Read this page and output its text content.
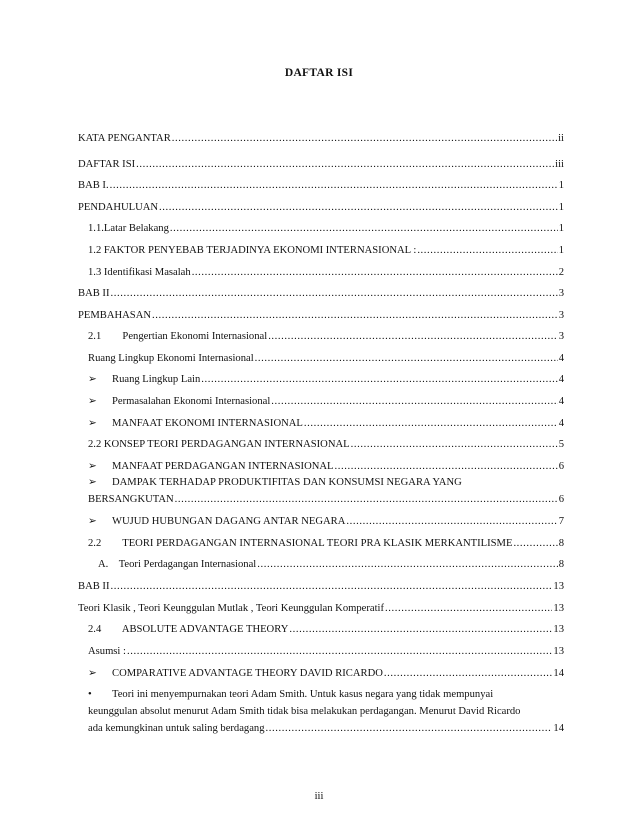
DAFTAR ISI
KATA PENGANTAR .....	ii
DAFTAR ISI .....	iii
BAB I. .....	1
PENDAHULUAN .....	1
1.1.Latar Belakang .....	1
1.2 FAKTOR PENYEBAB TERJADINYA EKONOMI INTERNASIONAL : .....	1
1.3 Identifikasi Masalah .....	2
BAB II .....	3
PEMBAHASAN .....	3
2.1        Pengertian Ekonomi Internasional .....	3
Ruang Lingkup Ekonomi Internasional .....	4
➢ Ruang Lingkup Lain .....	4
➢ Permasalahan Ekonomi Internasional .....	4
➢ MANFAAT EKONOMI INTERNASIONAL .....	4
2.2 KONSEP TEORI PERDAGANGAN INTERNASIONAL .....	5
➢ MANFAAT PERDAGANGAN INTERNASIONAL .....	6
➢ DAMPAK TERHADAP PRODUKTIFITAS DAN KONSUMSI NEGARA YANG
BERSANGKUTAN .....	6
➢ WUJUD HUBUNGAN DAGANG ANTAR NEGARA .....	7
2.2        TEORI PERDAGANGAN INTERNASIONAL TEORI PRA KLASIK MERKANTILISME .....	8
A.    Teori Perdagangan Internasional .....	8
BAB II .....	13
Teori Klasik , Teori Keunggulan Mutlak , Teori Keunggulan Komperatif .....	13
2.4        ABSOLUTE ADVANTAGE THEORY .....	13
Asumsi : .....	13
➢ COMPARATIVE ADVANTAGE THEORY DAVID RICARDO .....	14
• Teori ini menyempurnakan teori Adam Smith. Untuk kasus negara yang tidak mempunyai
keunggulan absolut menurut Adam Smith tidak bisa melakukan perdagangan. Menurut David Ricardo
ada kemungkinan untuk saling berdagang .....	14
iii
